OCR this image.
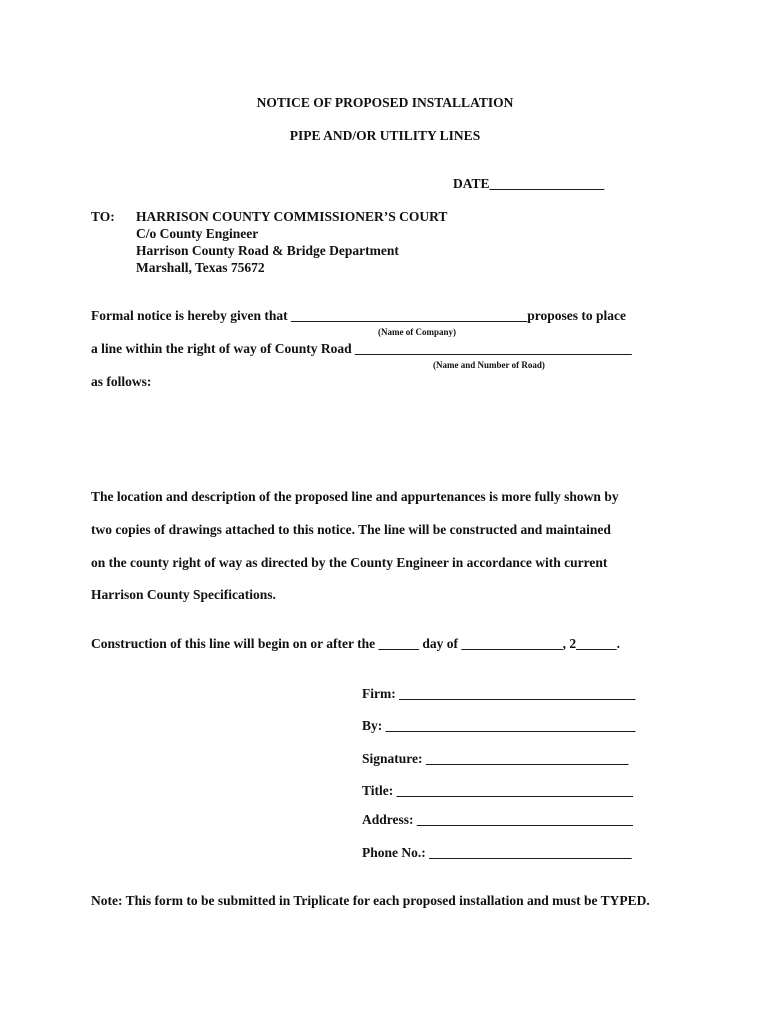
NOTICE OF PROPOSED INSTALLATION
PIPE AND/OR UTILITY LINES
DATE_________________
TO: HARRISON COUNTY COMMISSIONER’S COURT
C/o County Engineer
Harrison County Road & Bridge Department
Marshall, Texas 75672
Formal notice is hereby given that ___________________________________proposes to place
(Name of Company)
a line within the right of way of County Road _________________________________________
(Name and Number of Road)
as follows:
The location and description of the proposed line and appurtenances is more fully shown by
two copies of drawings attached to this notice. The line will be constructed and maintained
on the county right of way as directed by the County Engineer in accordance with current
Harrison County Specifications.
Construction of this line will begin on or after the ______ day of _______________, 2______.
Firm: ___________________________________
By: _____________________________________
Signature: ______________________________
Title: ___________________________________
Address: ________________________________
Phone No.: ______________________________
Note: This form to be submitted in Triplicate for each proposed installation and must be TYPED.
